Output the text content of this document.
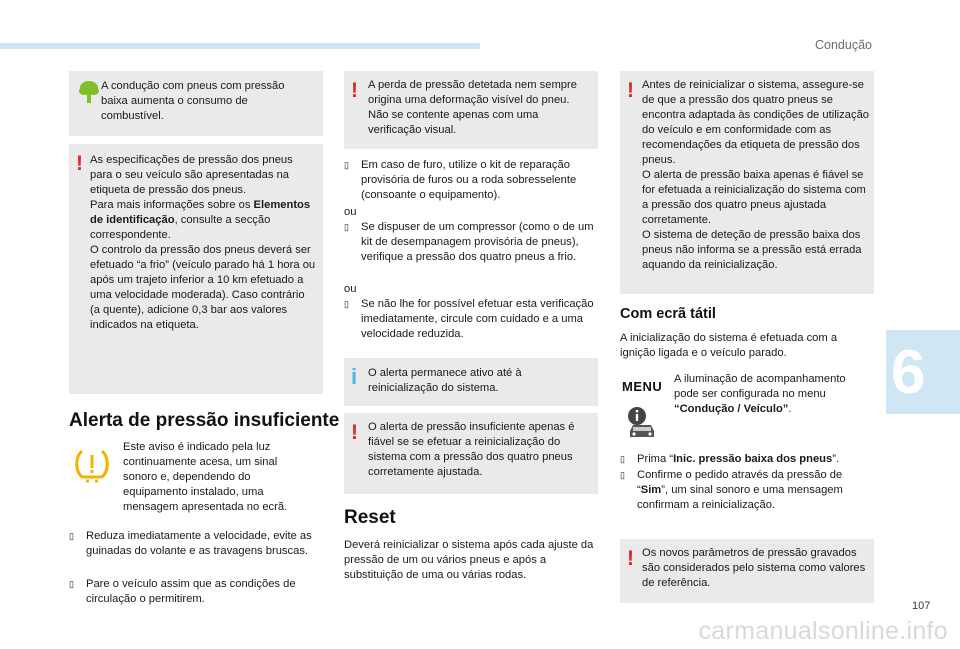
Condução
6

A condução com pneus com pressão baixa aumenta o consumo de combustível.

! As especificações de pressão dos pneus para o seu veículo são apresentadas na etiqueta de pressão dos pneus.
Para mais informações sobre os Elementos de identificação, consulte a secção correspondente.
O controlo da pressão dos pneus deverá ser efetuado “a frio” (veículo parado há 1 hora ou após um trajeto inferior a 10 km efetuado a uma velocidade moderada). Caso contrário (a quente), adicione 0,3 bar aos valores indicados na etiqueta.

Alerta de pressão insuficiente

Este aviso é indicado pela luz continuamente acesa, um sinal sonoro e, dependendo do equipamento instalado, uma mensagem apresentada no ecrã.

▯ Reduza imediatamente a velocidade, evite as guinadas do volante e as travagens bruscas.
▯ Pare o veículo assim que as condições de circulação o permitirem.
! A perda de pressão detetada nem sempre origina uma deformação visível do pneu. Não se contente apenas com uma verificação visual.

▯ Em caso de furo, utilize o kit de reparação provisória de furos ou a roda sobresselente (consoante o equipamento).
ou
▯ Se dispuser de um compressor (como o de um kit de desempanagem provisória de pneus), verifique a pressão dos quatro pneus a frio.
ou
▯ Se não lhe for possível efetuar esta verificação imediatamente, circule com cuidado e a uma velocidade reduzida.
i O alerta permanece ativo até à reinicialização do sistema.

! O alerta de pressão insuficiente apenas é fiável se se efetuar a reinicialização do sistema com a pressão dos quatro pneus corretamente ajustada.

Reset

Deverá reinicializar o sistema após cada ajuste da pressão de um ou vários pneus e após a substituição de uma ou várias rodas.

! Antes de reinicializar o sistema, assegure-se de que a pressão dos quatro pneus se encontra adaptada às condições de utilização do veículo e em conformidade com as recomendações da etiqueta de pressão dos pneus.
O alerta de pressão baixa apenas é fiável se for efetuada a reinicialização do sistema com a pressão dos quatro pneus ajustada corretamente.
O sistema de deteção de pressão baixa dos pneus não informa se a pressão está errada aquando da reinicialização.

Com ecrã tátil

A inicialização do sistema é efetuada com a ignição ligada e o veículo parado.

MENU A iluminação de acompanhamento pode ser configurada no menu “Condução / Veículo”.

▯ Prima “Inic. pressão baixa dos pneus”.
▯ Confirme o pedido através da pressão de “Sim”, um sinal sonoro e uma mensagem confirmam a reinicialização.
! Os novos parâmetros de pressão gravados são considerados pelo sistema como valores de referência.

107
carmanualsonline.info
